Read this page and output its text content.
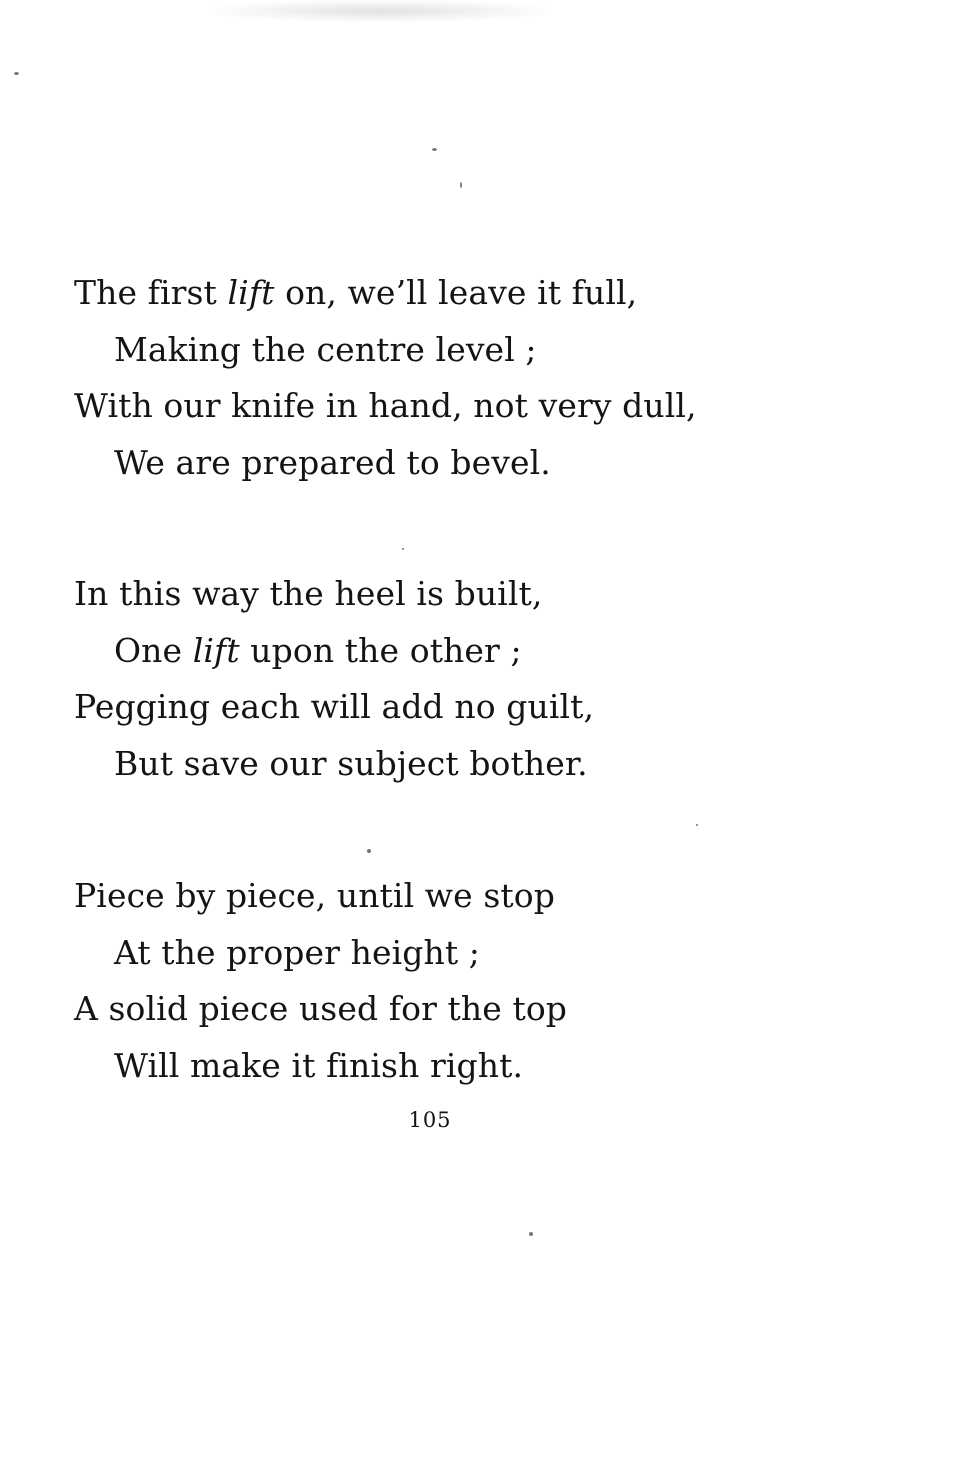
The first lift on, we’ll leave it full,
Making the centre level ;
With our knife in hand, not very dull,
We are prepared to bevel.
In this way the heel is built,
One lift upon the other ;
Pegging each will add no guilt,
But save our subject bother.
Piece by piece, until we stop
At the proper height ;
A solid piece used for the top
Will make it finish right.
105
